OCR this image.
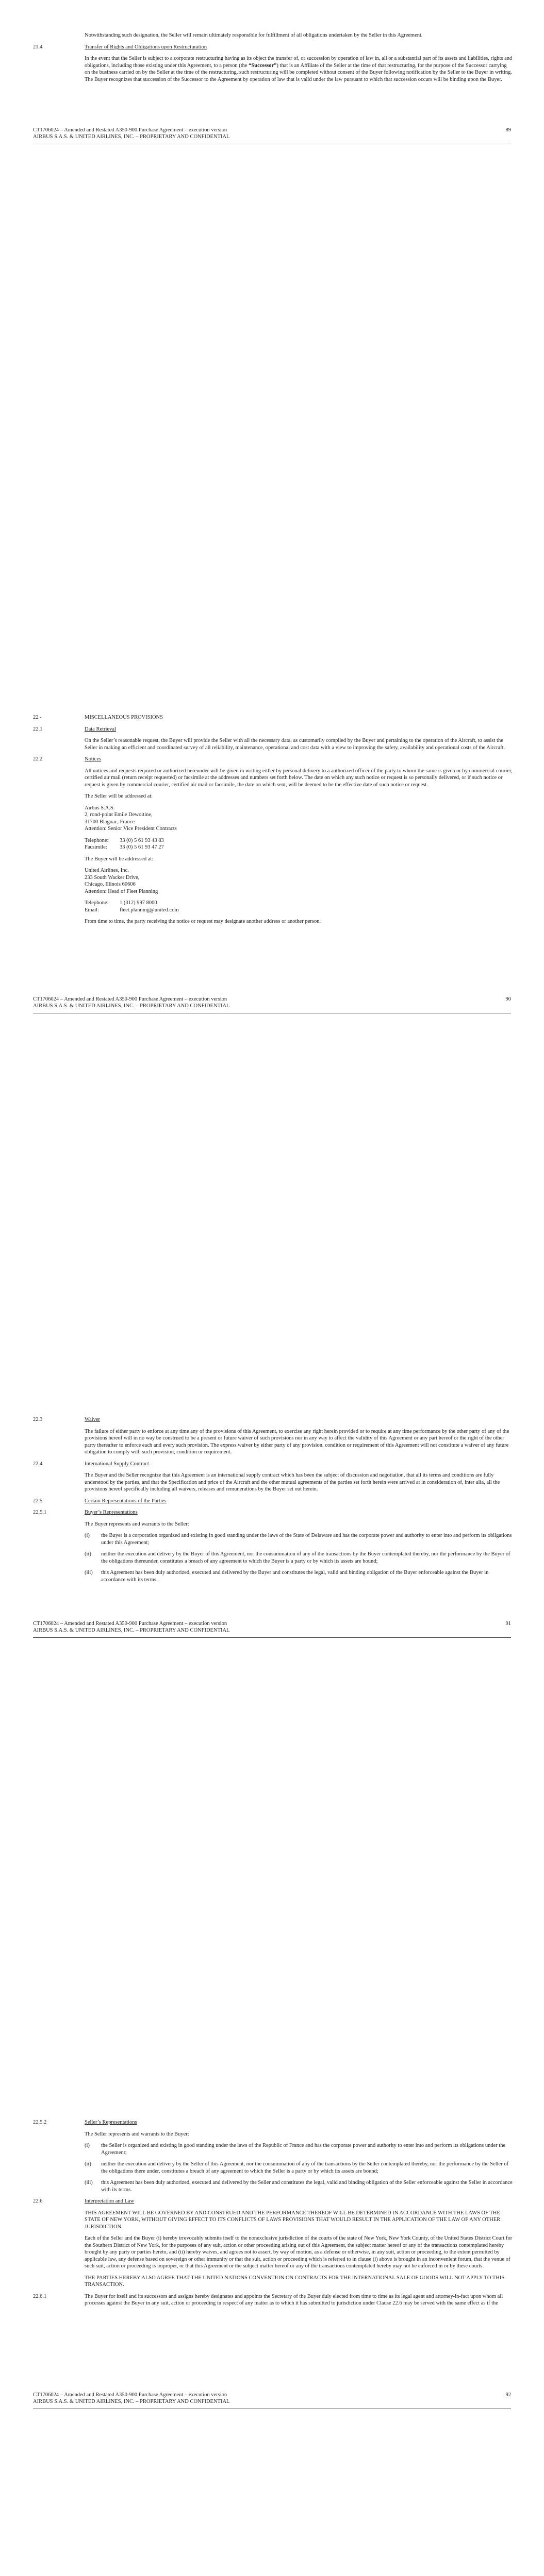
Notwithstanding such designation, the Seller will remain ultimately responsible for fulfillment of all obligations undertaken by the Seller in this Agreement.

21.4	Transfer of Rights and Obligations upon Restructuration

In the event that the Seller is subject to a corporate restructuring having as its object the transfer of, or succession by operation of law in, all or a substantial part of its assets and liabilities, rights and obligations, including those existing under this Agreement, to a person (the “Successor”) that is an Affiliate of the Seller at the time of that restructuring, for the purpose of the Successor carrying on the business carried on by the Seller at the time of the restructuring, such restructuring will be completed without consent of the Buyer following notification by the Seller to the Buyer in writing. The Buyer recognizes that succession of the Successor to the Agreement by operation of law that is valid under the law pursuant to which that succession occurs will be binding upon the Buyer.

CT1706024 – Amended and Restated A350-900 Purchase Agreement – execution version	89
AIRBUS S.A.S. & UNITED AIRLINES, INC. – PROPRIETARY AND CONFIDENTIAL
22 -	MISCELLANEOUS PROVISIONS
22.1	Data Retrieval

On the Seller’s reasonable request, the Buyer will provide the Seller with all the necessary data, as customarily compiled by the Buyer and pertaining to the operation of the Aircraft, to assist the Seller in making an efficient and coordinated survey of all reliability, maintenance, operational and cost data with a view to improving the safety, availability and operational costs of the Aircraft.

22.2	Notices

All notices and requests required or authorized hereunder will be given in writing either by personal delivery to a authorized officer of the party to whom the same is given or by commercial courier, certified air mail (return receipt requested) or facsimile at the addresses and numbers set forth below. The date on which any such notice or request is so personally delivered, or if such notice or request is given by commercial courier, certified air mail or facsimile, the date on which sent, will be deemed to be the effective date of such notice or request.

The Seller will be addressed at:

Airbus S.A.S.
2, rond-point Emile Dewoitine,
31700 Blagnac, France
Attention: Senior Vice President Contracts
Telephone:	33 (0) 5 61 93 43 83
Facsimile:	33 (0) 5 61 93 47 27

The Buyer will be addressed at:

United Airlines, Inc.
233 South Wacker Drive,
Chicago, Illinois 60606
Attention: Head of Fleet Planning
Telephone:	1 (312) 997 8000
Email:	fleet.planning@united.com

From time to time, the party receiving the notice or request may designate another address or another person.

CT1706024 – Amended and Restated A350-900 Purchase Agreement – execution version	90
AIRBUS S.A.S. & UNITED AIRLINES, INC. – PROPRIETARY AND CONFIDENTIAL
22.3	Waiver

The failure of either party to enforce at any time any of the provisions of this Agreement, to exercise any right herein provided or to require at any time performance by the other party of any of the provisions hereof will in no way be construed to be a present or future waiver of such provisions nor in any way to affect the validity of this Agreement or any part hereof or the right of the other party thereafter to enforce each and every such provision. The express waiver by either party of any provision, condition or requirement of this Agreement will not constitute a waiver of any future obligation to comply with such provision, condition or requirement.

22.4	International Supply Contract

The Buyer and the Seller recognize that this Agreement is an international supply contract which has been the subject of discussion and negotiation, that all its terms and conditions are fully understood by the parties, and that the Specification and price of the Aircraft and the other mutual agreements of the parties set forth herein were arrived at in consideration of, inter alia, all the provisions hereof specifically including all waivers, releases and remunerations by the Buyer set out herein.

22.5	Certain Representations of the Parties
22.5.1	Buyer’s Representations

The Buyer represents and warrants to the Seller:

(i)	the Buyer is a corporation organized and existing in good standing under the laws of the State of Delaware and has the corporate power and authority to enter into and perform its obligations under this Agreement;
(ii)	neither the execution and delivery by the Buyer of this Agreement, nor the consummation of any of the transactions by the Buyer contemplated thereby, nor the performance by the Buyer of the obligations thereunder, constitutes a breach of any agreement to which the Buyer is a party or by which its assets are bound;
(iii)	this Agreement has been duly authorized, executed and delivered by the Buyer and constitutes the legal, valid and binding obligation of the Buyer enforceable against the Buyer in accordance with its terms.
CT1706024 – Amended and Restated A350-900 Purchase Agreement – execution version	91
AIRBUS S.A.S. & UNITED AIRLINES, INC. – PROPRIETARY AND CONFIDENTIAL
22.5.2	Seller’s Representations

The Seller represents and warrants to the Buyer:

(i)	the Seller is organized and existing in good standing under the laws of the Republic of France and has the corporate power and authority to enter into and perform its obligations under the Agreement;
(ii)	neither the execution and delivery by the Seller of this Agreement, nor the consummation of any of the transactions by the Seller contemplated thereby, nor the performance by the Seller of the obligations there under, constitutes a breach of any agreement to which the Seller is a party or by which its assets are bound;
(iii)	this Agreement has been duly authorized, executed and delivered by the Seller and constitutes the legal, valid and binding obligation of the Seller enforceable against the Seller in accordance with its terms.
22.6	Interpretation and Law

THIS AGREEMENT WILL BE GOVERNED BY AND CONSTRUED AND THE PERFORMANCE THEREOF WILL BE DETERMINED IN ACCORDANCE WITH THE LAWS OF THE STATE OF NEW YORK, WITHOUT GIVING EFFECT TO ITS CONFLICTS OF LAWS PROVISIONS THAT WOULD RESULT IN THE APPLICATION OF THE LAW OF ANY OTHER JURISDICTION.

Each of the Seller and the Buyer (i) hereby irrevocably submits itself to the nonexclusive jurisdiction of the courts of the state of New York, New York County, of the United States District Court for the Southern District of New York, for the purposes of any suit, action or other proceeding arising out of this Agreement, the subject matter hereof or any of the transactions contemplated hereby brought by any party or parties hereto, and (ii) hereby waives, and agrees not to assert, by way of motion, as a defense or otherwise, in any suit, action or proceeding, to the extent permitted by applicable law, any defense based on sovereign or other immunity or that the suit, action or proceeding which is referred to in clause (i) above is brought in an inconvenient forum, that the venue of such suit, action or proceeding is improper, or that this Agreement or the subject matter hereof or any of the transactions contemplated hereby may not be enforced in or by these courts.

THE PARTIES HEREBY ALSO AGREE THAT THE UNITED NATIONS CONVENTION ON CONTRACTS FOR THE INTERNATIONAL SALE OF GOODS WILL NOT APPLY TO THIS TRANSACTION.

22.6.1	The Buyer for itself and its successors and assigns hereby designates and appoints the Secretary of the Buyer duly elected from time to time as its legal agent and attorney-in-fact upon whom all processes against the Buyer in any suit, action or proceeding in respect of any matter as to which it has submitted to jurisdiction under Clause 22.6 may be served with the same effect as if the
CT1706024 – Amended and Restated A350-900 Purchase Agreement – execution version	92
AIRBUS S.A.S. & UNITED AIRLINES, INC. – PROPRIETARY AND CONFIDENTIAL
